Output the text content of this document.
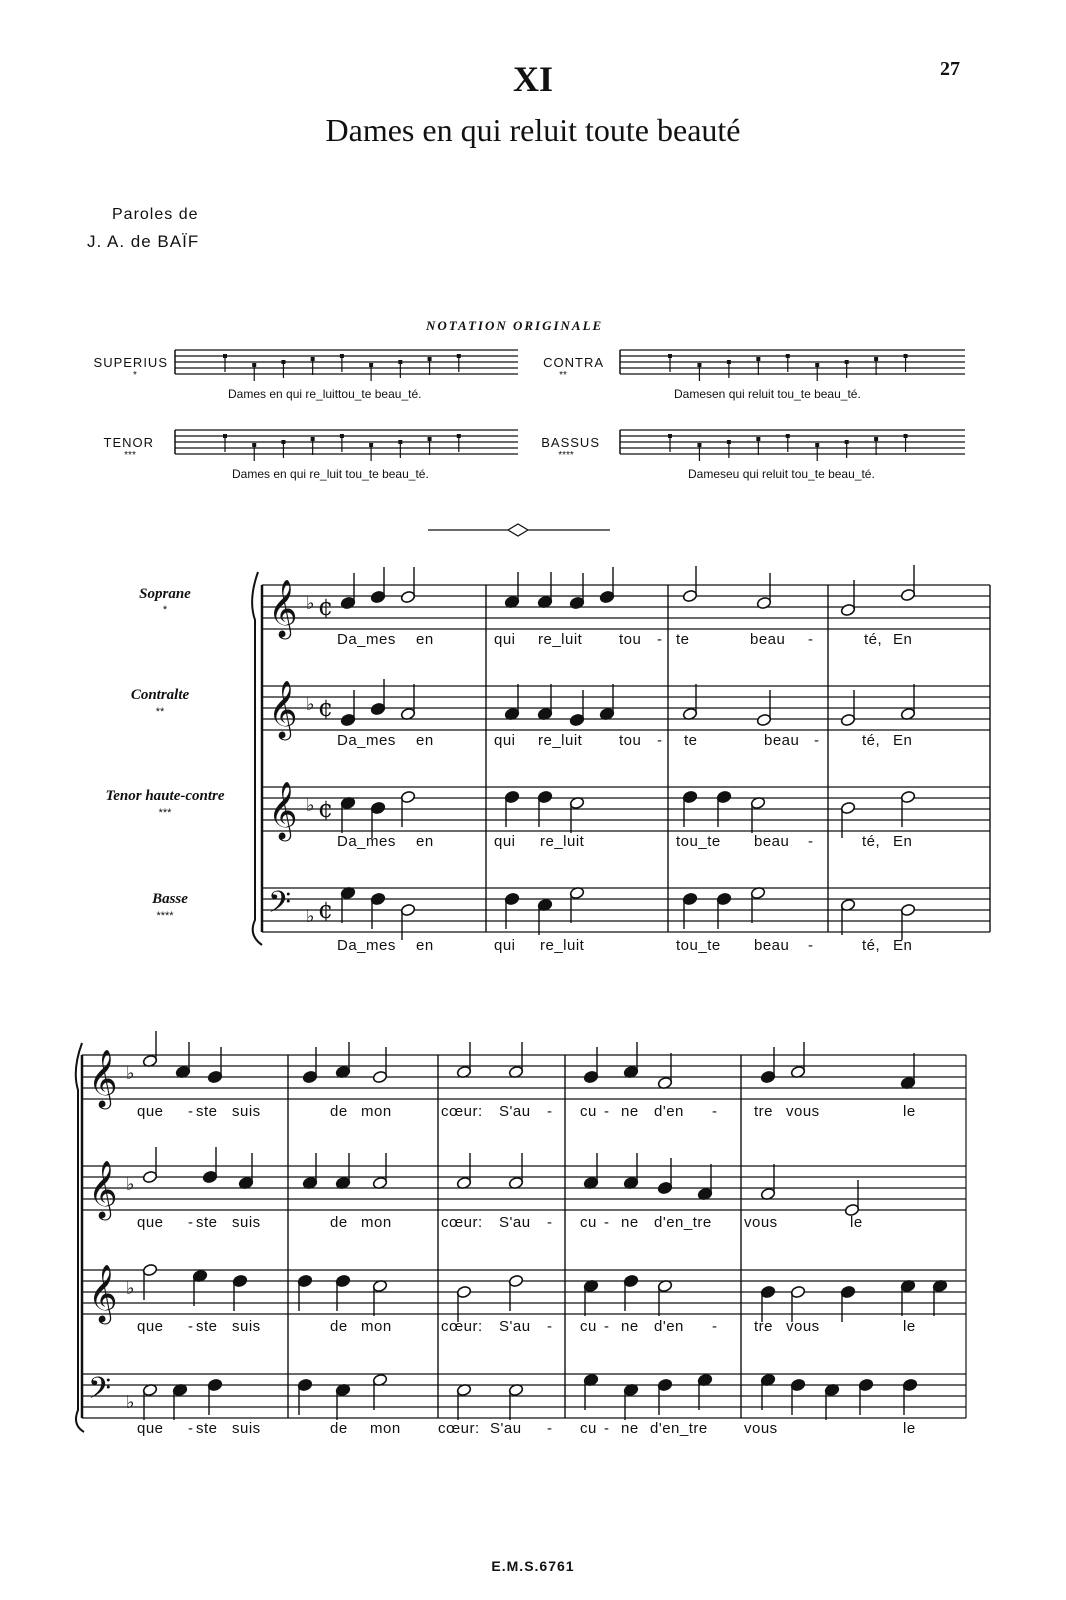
XI
Dames en qui reluit toute beauté
27
Paroles de
J. A. de BAÏF
NOTATION ORIGINALE
SUPERIUS
*
Dames en qui re_luittou_te beau_té.
CONTRA
**
Damesen qui reluit tou_te beau_té.
TENOR
***
Dames en qui re_luit tou_te beau_té.
BASSUS
****
Dameseu qui reluit tou_te beau_té.
Soprane
*
Contralte
**
Tenor haute-contre
***
Basse
****
Da_mes en	qui re_luit tou - te	beau -	té, En
Da_mes en	qui re_luit tou - te	beau -	té, En
Da_mes en	qui re_luit	tou_te beau -	té, En
Da_mes en	qui re_luit	tou_te beau -	té, En
que - ste suis	de mon	cœur: S'au - cu - ne d'en - tre vous	le
que - ste suis	de mon	cœur: S'au - cu - ne d'en_tre vous	le
que - ste suis	de mon	cœur: S'au - cu - ne d'en - tre vous	le
que - ste suis	de mon cœur: S'au - cu - ne d'en_tre vous	le
E.M.S.6761
𝄞
𝄞
𝄞
𝄢
♭ ¢
♭ ¢
♭ ¢
♭ ¢
𝄞
𝄞
𝄞
𝄢
♭
♭
♭
♭
